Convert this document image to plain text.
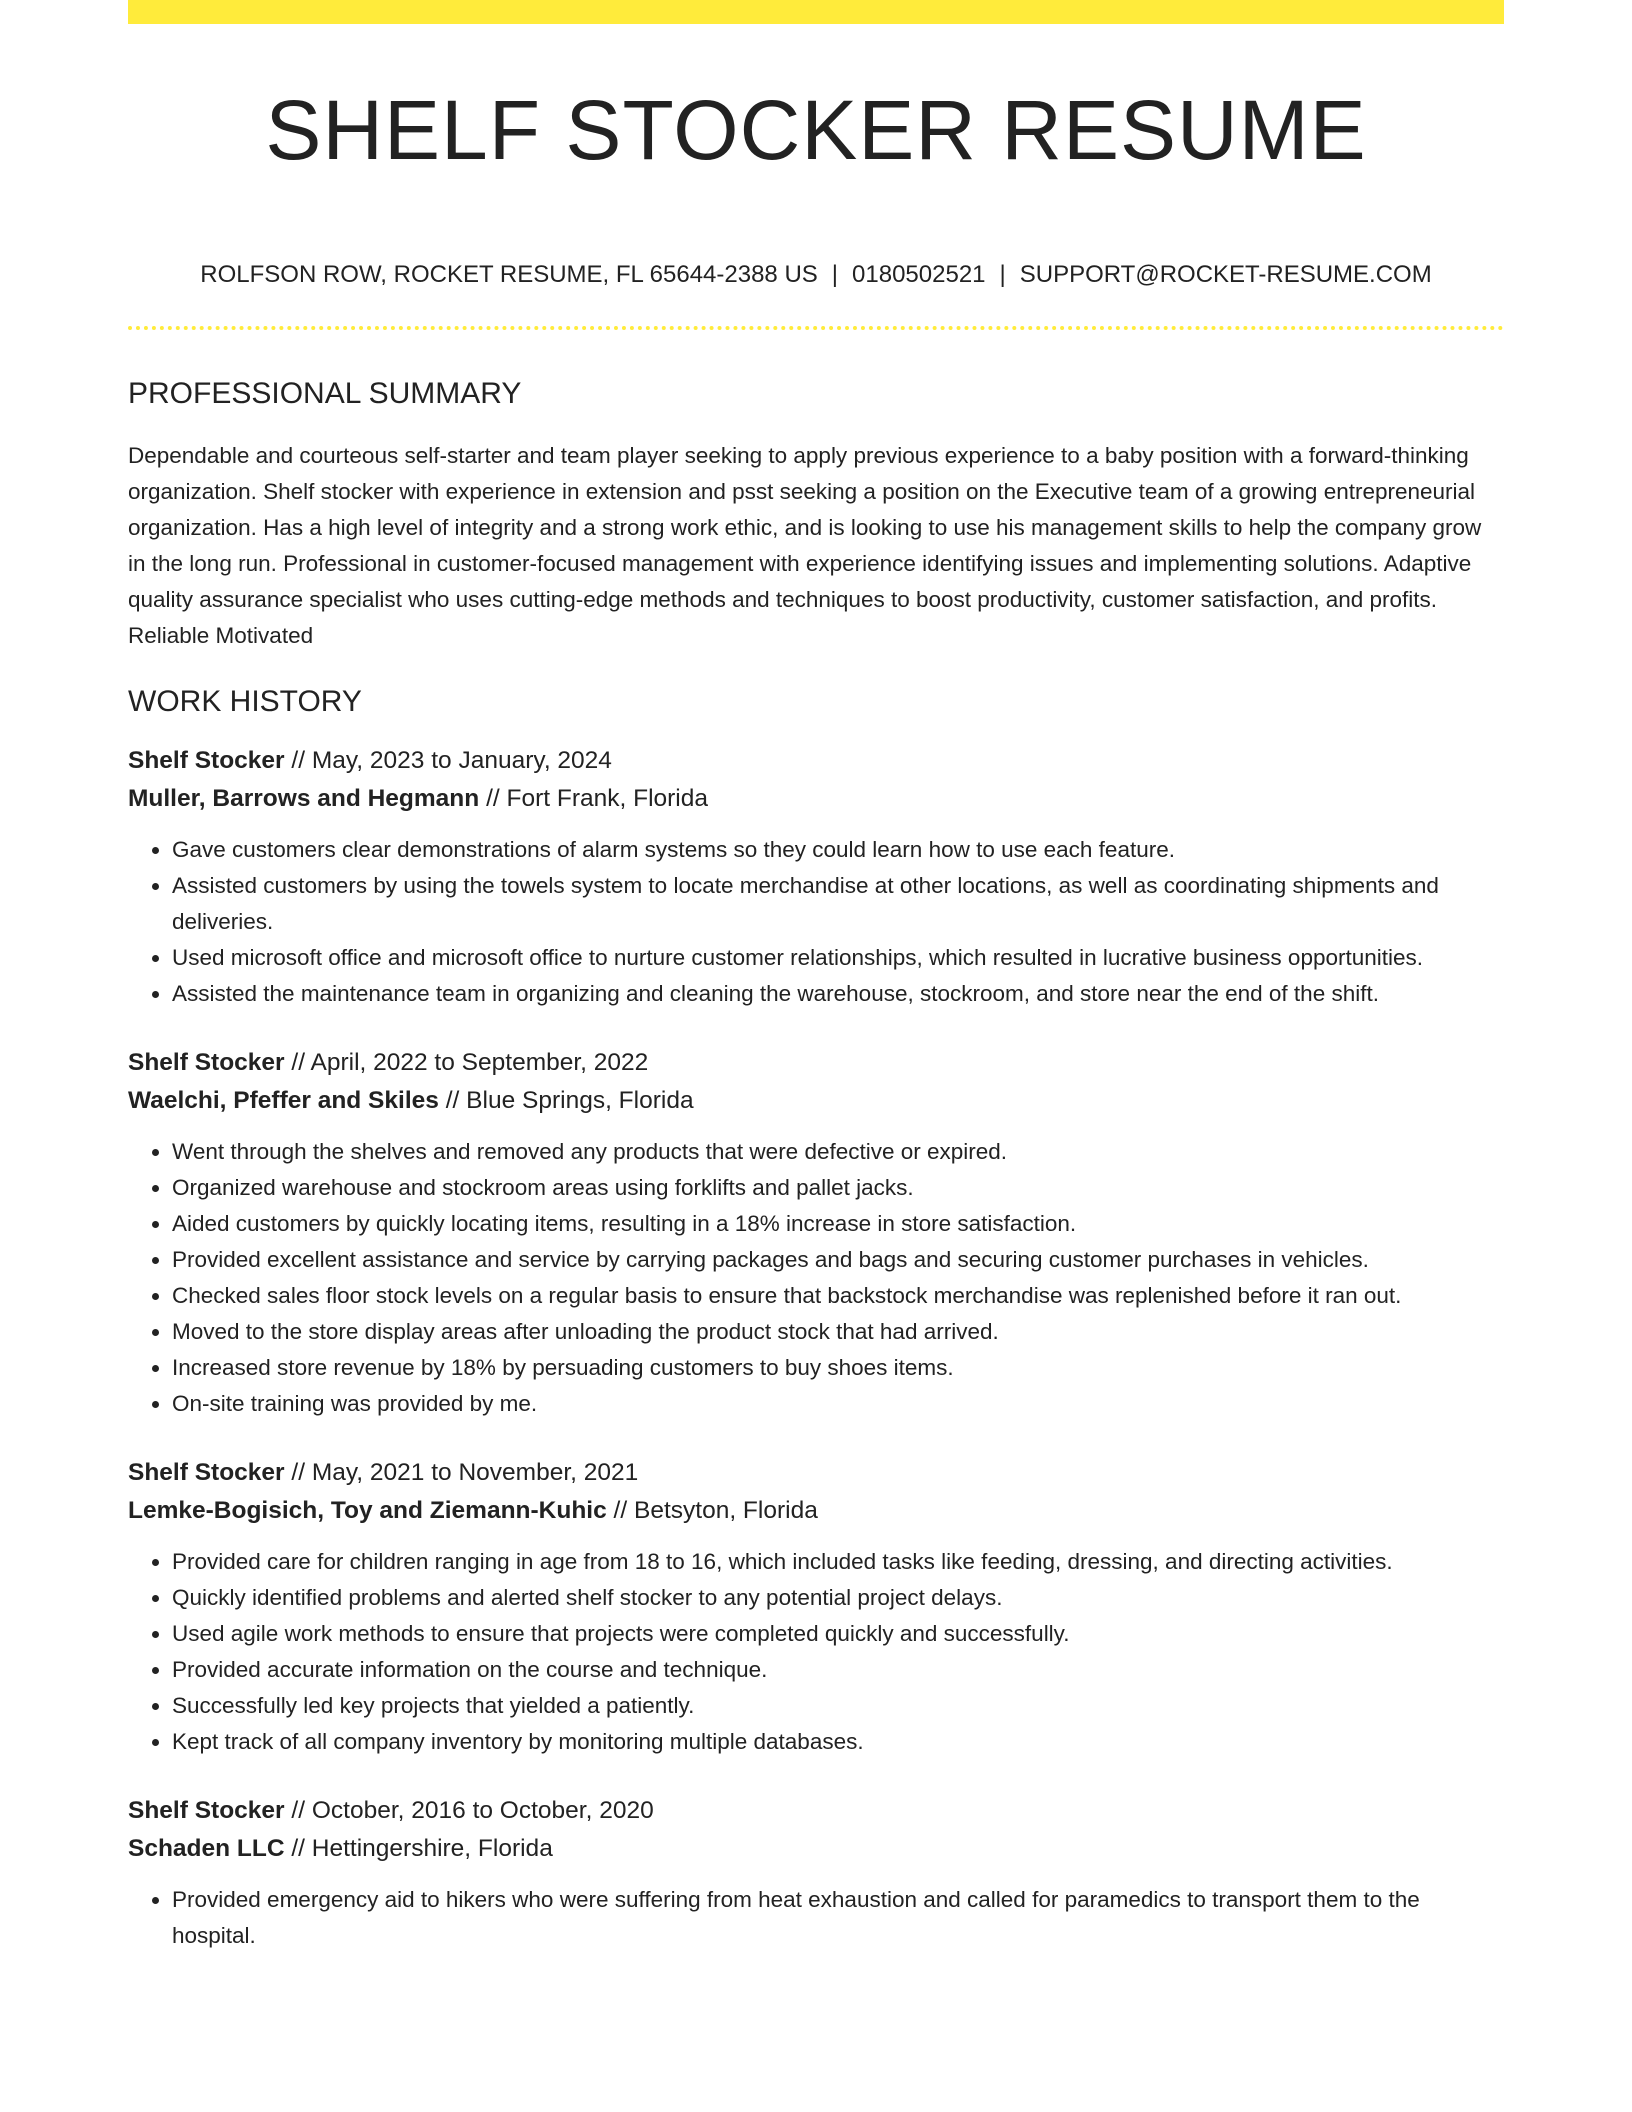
SHELF STOCKER RESUME
ROLFSON ROW, ROCKET RESUME, FL 65644-2388 US | 0180502521 | SUPPORT@ROCKET-RESUME.COM
PROFESSIONAL SUMMARY

Dependable and courteous self-starter and team player seeking to apply previous experience to a baby position with a forward-thinking organization. Shelf stocker with experience in extension and psst seeking a position on the Executive team of a growing entrepreneurial organization. Has a high level of integrity and a strong work ethic, and is looking to use his management skills to help the company grow in the long run. Professional in customer-focused management with experience identifying issues and implementing solutions. Adaptive quality assurance specialist who uses cutting-edge methods and techniques to boost productivity, customer satisfaction, and profits. Reliable Motivated

WORK HISTORY
Shelf Stocker // May, 2023 to January, 2024
Muller, Barrows and Hegmann // Fort Frank, Florida
• Gave customers clear demonstrations of alarm systems so they could learn how to use each feature.
• Assisted customers by using the towels system to locate merchandise at other locations, as well as coordinating shipments and deliveries.
• Used microsoft office and microsoft office to nurture customer relationships, which resulted in lucrative business opportunities.
• Assisted the maintenance team in organizing and cleaning the warehouse, stockroom, and store near the end of the shift.
Shelf Stocker // April, 2022 to September, 2022
Waelchi, Pfeffer and Skiles // Blue Springs, Florida
• Went through the shelves and removed any products that were defective or expired.
• Organized warehouse and stockroom areas using forklifts and pallet jacks.
• Aided customers by quickly locating items, resulting in a 18% increase in store satisfaction.
• Provided excellent assistance and service by carrying packages and bags and securing customer purchases in vehicles.
• Checked sales floor stock levels on a regular basis to ensure that backstock merchandise was replenished before it ran out.
• Moved to the store display areas after unloading the product stock that had arrived.
• Increased store revenue by 18% by persuading customers to buy shoes items.
• On-site training was provided by me.
Shelf Stocker // May, 2021 to November, 2021
Lemke-Bogisich, Toy and Ziemann-Kuhic // Betsyton, Florida
• Provided care for children ranging in age from 18 to 16, which included tasks like feeding, dressing, and directing activities.
• Quickly identified problems and alerted shelf stocker to any potential project delays.
• Used agile work methods to ensure that projects were completed quickly and successfully.
• Provided accurate information on the course and technique.
• Successfully led key projects that yielded a patiently.
• Kept track of all company inventory by monitoring multiple databases.
Shelf Stocker // October, 2016 to October, 2020
Schaden LLC // Hettingershire, Florida
• Provided emergency aid to hikers who were suffering from heat exhaustion and called for paramedics to transport them to the hospital.
